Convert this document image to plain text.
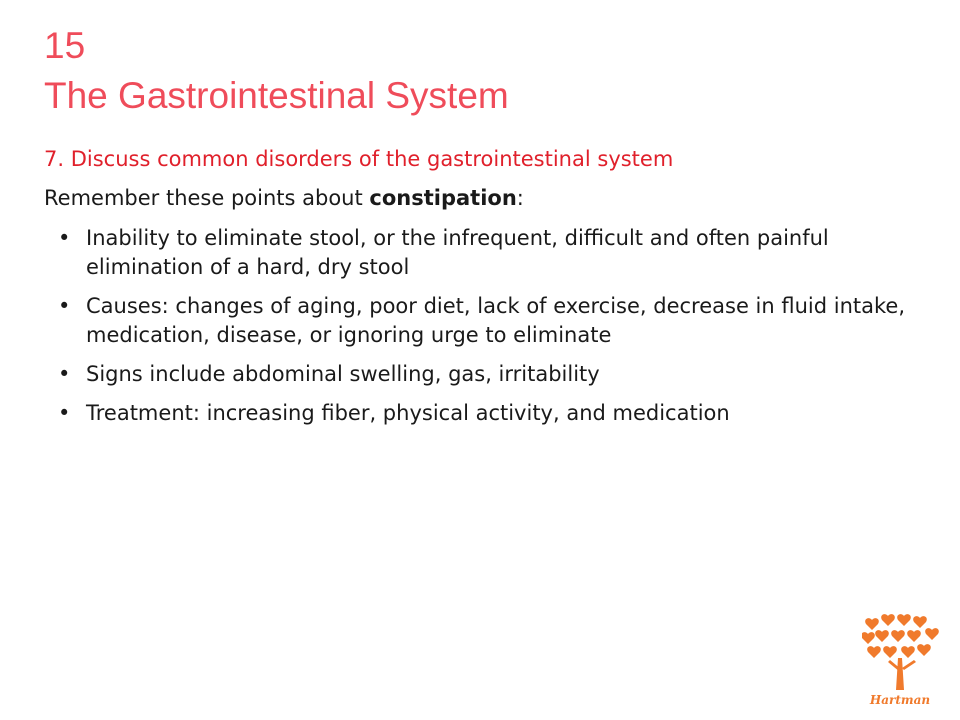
15
The Gastrointestinal System
7. Discuss common disorders of the gastrointestinal system
Remember these points about constipation:
• Inability to eliminate stool, or the infrequent, difficult and often painful elimination of a hard, dry stool
• Causes: changes of aging, poor diet, lack of exercise, decrease in fluid intake, medication, disease, or ignoring urge to eliminate
• Signs include abdominal swelling, gas, irritability
• Treatment: increasing fiber, physical activity, and medication
Hartman
